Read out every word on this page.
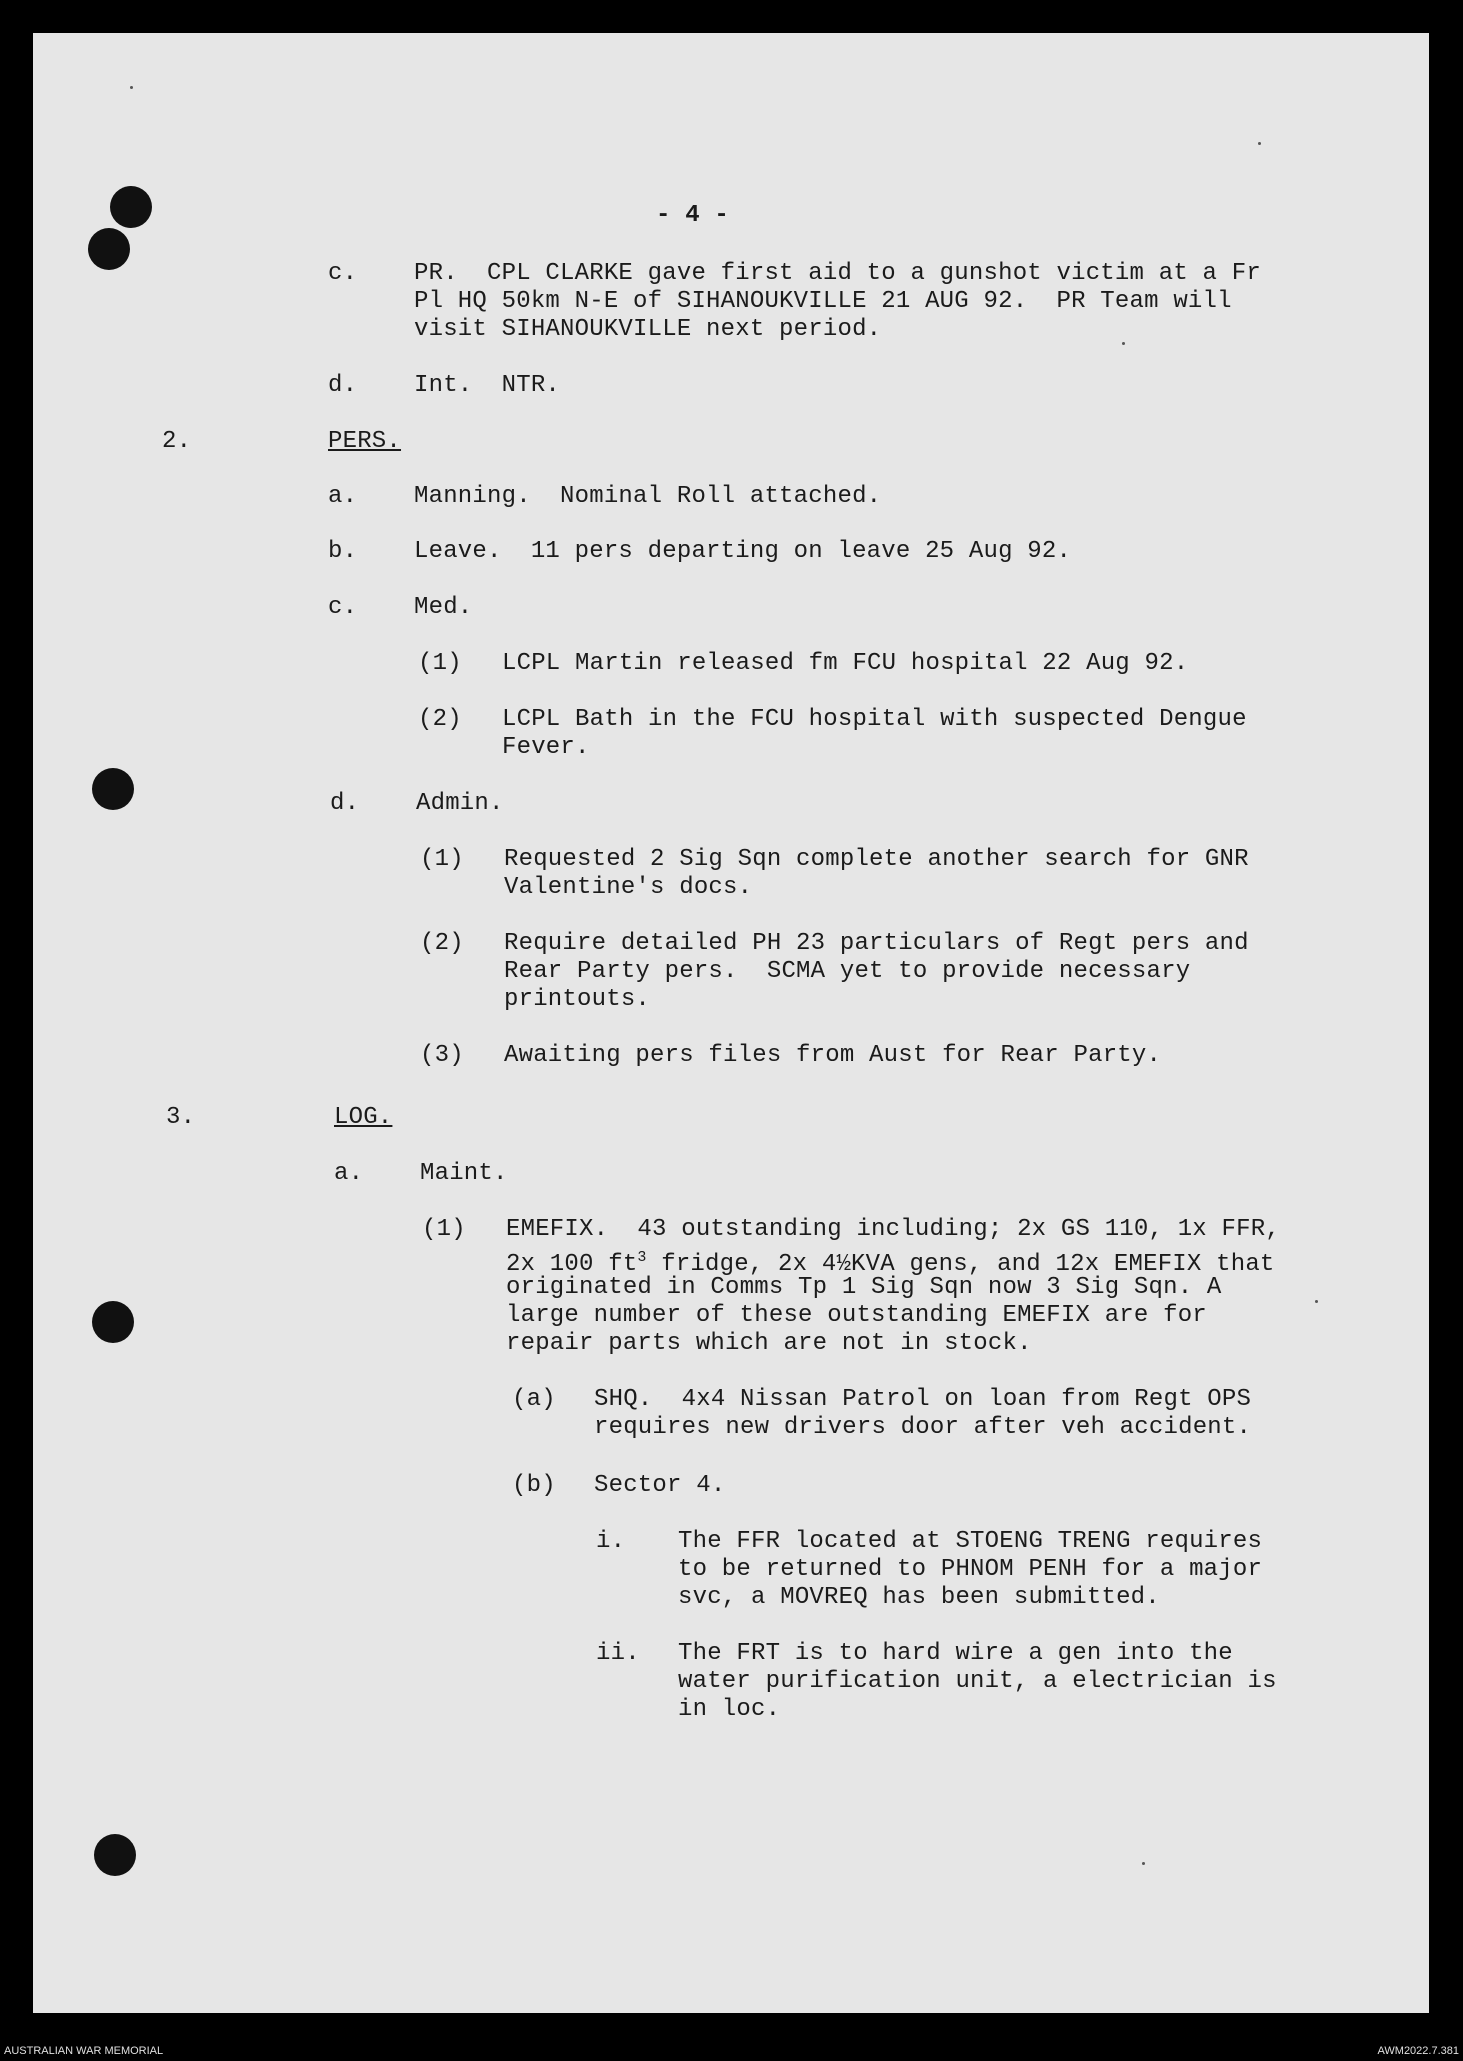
- 4 -
c. PR.  CPL CLARKE gave first aid to a gunshot victim at a Fr
Pl HQ 50km N-E of SIHANOUKVILLE 21 AUG 92.  PR Team will
visit SIHANOUKVILLE next period.
d. Int.  NTR.
2.	PERS.
a. Manning.  Nominal Roll attached.
b. Leave.  11 pers departing on leave 25 Aug 92.
c. Med.
(1) LCPL Martin released fm FCU hospital 22 Aug 92.
(2) LCPL Bath in the FCU hospital with suspected Dengue
Fever.
d. Admin.
(1) Requested 2 Sig Sqn complete another search for GNR
Valentine's docs.
(2) Require detailed PH 23 particulars of Regt pers and
Rear Party pers.  SCMA yet to provide necessary
printouts.
(3) Awaiting pers files from Aust for Rear Party.
3.	LOG.
a. Maint.
(1) EMEFIX.  43 outstanding including; 2x GS 110, 1x FFR,
2x 100 $ft^3$ fridge, 2x 4½KVA gens, and 12x EMEFIX that
originated in Comms Tp 1 Sig Sqn now 3 Sig Sqn. A
large number of these outstanding EMEFIX are for
repair parts which are not in stock.
(a) SHQ.  4x4 Nissan Patrol on loan from Regt OPS
requires new drivers door after veh accident.
(b) Sector 4.
i. The FFR located at STOENG TRENG requires
to be returned to PHNOM PENH for a major
svc, a MOVREQ has been submitted.
ii. The FRT is to hard wire a gen into the
water purification unit, a electrician is
in loc.
AUSTRALIAN WAR MEMORIAL	AWM2022.7.381
